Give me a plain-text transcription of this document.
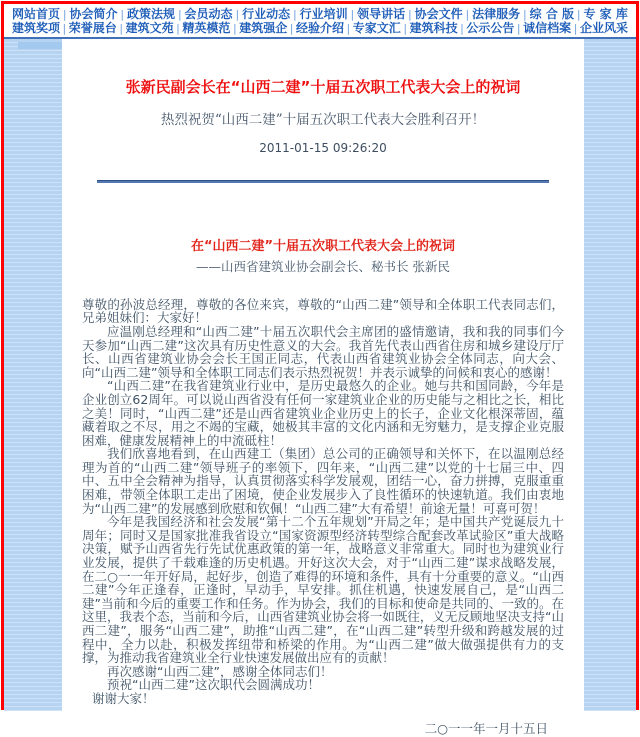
网站首页 | 协会简介 | 政策法规 | 会员动态 | 行业动态 | 行业培训 | 领导讲话 | 协会文件 | 法律服务 | 综 合 版 | 专 家 库
建筑奖项 | 荣誉展台 | 建筑文苑 | 精英模范 | 建筑强企 | 经验介绍 | 专家文汇 | 建筑科技 | 公示公告 | 诚信档案 | 企业风采
张新民副会长在“山西二建”十届五次职工代表大会上的祝词
热烈祝贺“山西二建”十届五次职工代表大会胜利召开！
2011-01-15 09:26:20
在“山西二建”十届五次职工代表大会上的祝词
——山西省建筑业协会副会长、秘书长 张新民

尊敬的孙波总经理，尊敬的各位来宾，尊敬的“山西二建”领导和全体职工代表同志们，兄弟姐妹们：大家好！

应温刚总经理和“山西二建”十届五次职代会主席团的盛情邀请，我和我的同事们今天参加“山西二建”这次具有历史性意义的大会。我首先代表山西省住房和城乡建设厅厅长、山西省建筑业协会会长王国正同志，代表山西省建筑业协会全体同志，向大会、向“山西二建”领导和全体职工同志们表示热烈祝贺！并表示诚挚的问候和衷心的感谢！

“山西二建”在我省建筑业行业中，是历史最悠久的企业。她与共和国同龄，今年是企业创立62周年。可以说山西省没有任何一家建筑业企业的历史能与之相比之长，相比之美！同时，“山西二建”还是山西省建筑业企业历史上的长子，企业文化根深蒂固，蕴藏着取之不尽，用之不竭的宝藏，她极其丰富的文化内涵和无穷魅力，是支撑企业克服困难，健康发展精神上的中流砥柱！

我们欣喜地看到，在山西建工（集团）总公司的正确领导和关怀下，在以温刚总经理为首的“山西二建”领导班子的率领下，四年来，“山西二建”以党的十七届三中、四中、五中全会精神为指导，认真贯彻落实科学发展观，团结一心，奋力拼搏，克服重重困难，带领全体职工走出了困境，使企业发展步入了良性循环的快速轨道。我们由衷地为“山西二建”的发展感到欣慰和钦佩！“山西二建”大有希望！前途无量！可喜可贺！

今年是我国经济和社会发展“第十二个五年规划”开局之年；是中国共产党诞辰九十周年；同时又是国家批准我省设立“国家资源型经济转型综合配套改革试验区”重大战略决策，赋予山西省先行先试优惠政策的第一年，战略意义非常重大。同时也为建筑业行业发展，提供了千载难逢的历史机遇。开好这次大会，对于“山西二建”谋求战略发展，在二○一一年开好局，起好步，创造了难得的环境和条件，具有十分重要的意义。“山西二建”今年正逢春，正逢时，早动手，早安排。抓住机遇，快速发展自己，是“山西二建”当前和今后的重要工作和任务。作为协会，我们的目标和使命是共同的、一致的。在这里，我表个态，当前和今后，山西省建筑业协会将一如既往，义无反顾地坚决支持“山西二建”，服务“山西二建”，助推“山西二建”，在“山西二建”转型升级和跨越发展的过程中，全力以赴，积极发挥纽带和桥梁的作用。为“山西二建”做大做强提供有力的支撑，为推动我省建筑业全行业快速发展做出应有的贡献！

再次感谢“山西二建”，感谢全体同志们！

预祝“山西二建”这次职代会圆满成功！

谢谢大家！

二○一一年一月十五日
